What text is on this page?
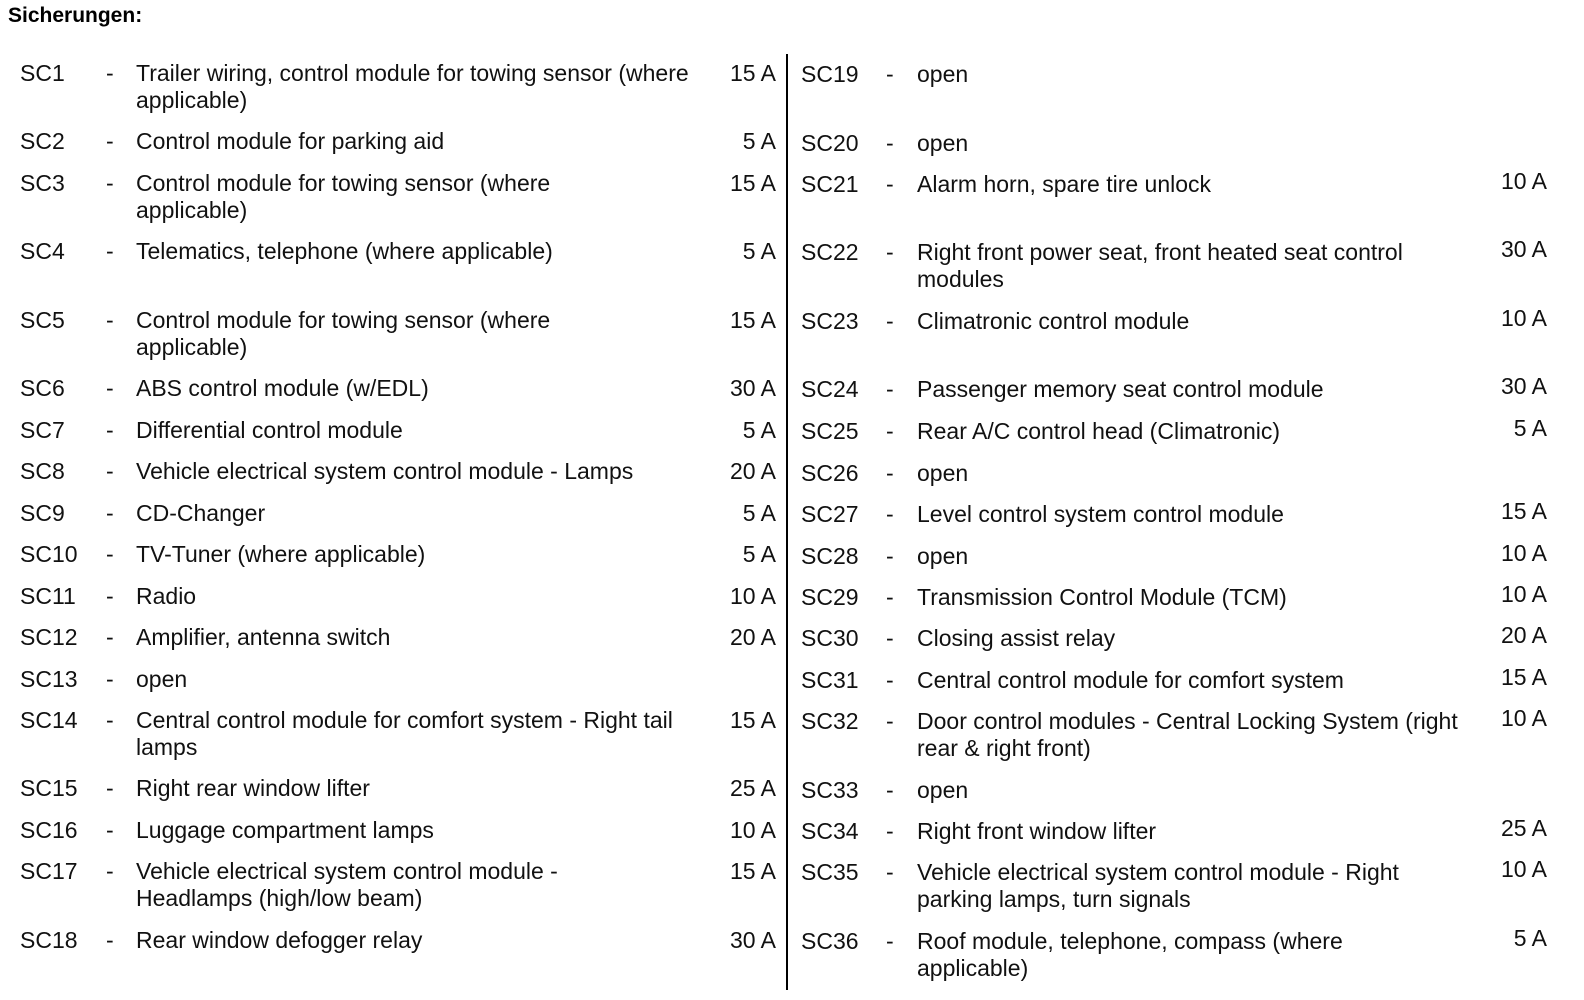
Sicherungen:
SC1	- Trailer wiring, control module for towing sensor (where applicable)
15 A
SC2	- Control module for parking aid	5 A
SC3	- Control module for towing sensor (where applicable)
15 A
SC4	- Telematics, telephone (where applicable)	5 A
SC5	- Control module for towing sensor (where applicable)
15 A
SC6	- ABS control module (w/EDL)	30 A
SC7	- Differential control module	5 A
SC8	- Vehicle electrical system control module - Lamps	20 A
SC9	- CD-Changer	5 A
SC10	- TV-Tuner (where applicable)	5 A
SC11	- Radio	10 A
SC12	- Amplifier, antenna switch	20 A
SC13	- open
SC14	- Central control module for comfort system - Right tail lamps
15 A
SC15	- Right rear window lifter	25 A
SC16	- Luggage compartment lamps	10 A
SC17	- Vehicle electrical system control module - Headlamps (high/low beam)
15 A
SC18	- Rear window defogger relay	30 A
SC19	- open
SC20	- open
SC21	- Alarm horn, spare tire unlock	10 A
SC22	- Right front power seat, front heated seat control modules
30 A
SC23	- Climatronic control module	10 A
SC24	- Passenger memory seat control module	30 A
SC25	- Rear A/C control head (Climatronic)	5 A
SC26	- open
SC27	- Level control system control module	15 A
SC28	- open	10 A
SC29	- Transmission Control Module (TCM)	10 A
SC30	- Closing assist relay	20 A
SC31	- Central control module for comfort system	15 A
SC32	- Door control modules - Central Locking System (right rear & right front)
10 A
SC33	- open
SC34	- Right front window lifter	25 A
SC35	- Vehicle electrical system control module - Right parking lamps, turn signals
10 A
SC36	- Roof module, telephone, compass (where applicable)
5 A
